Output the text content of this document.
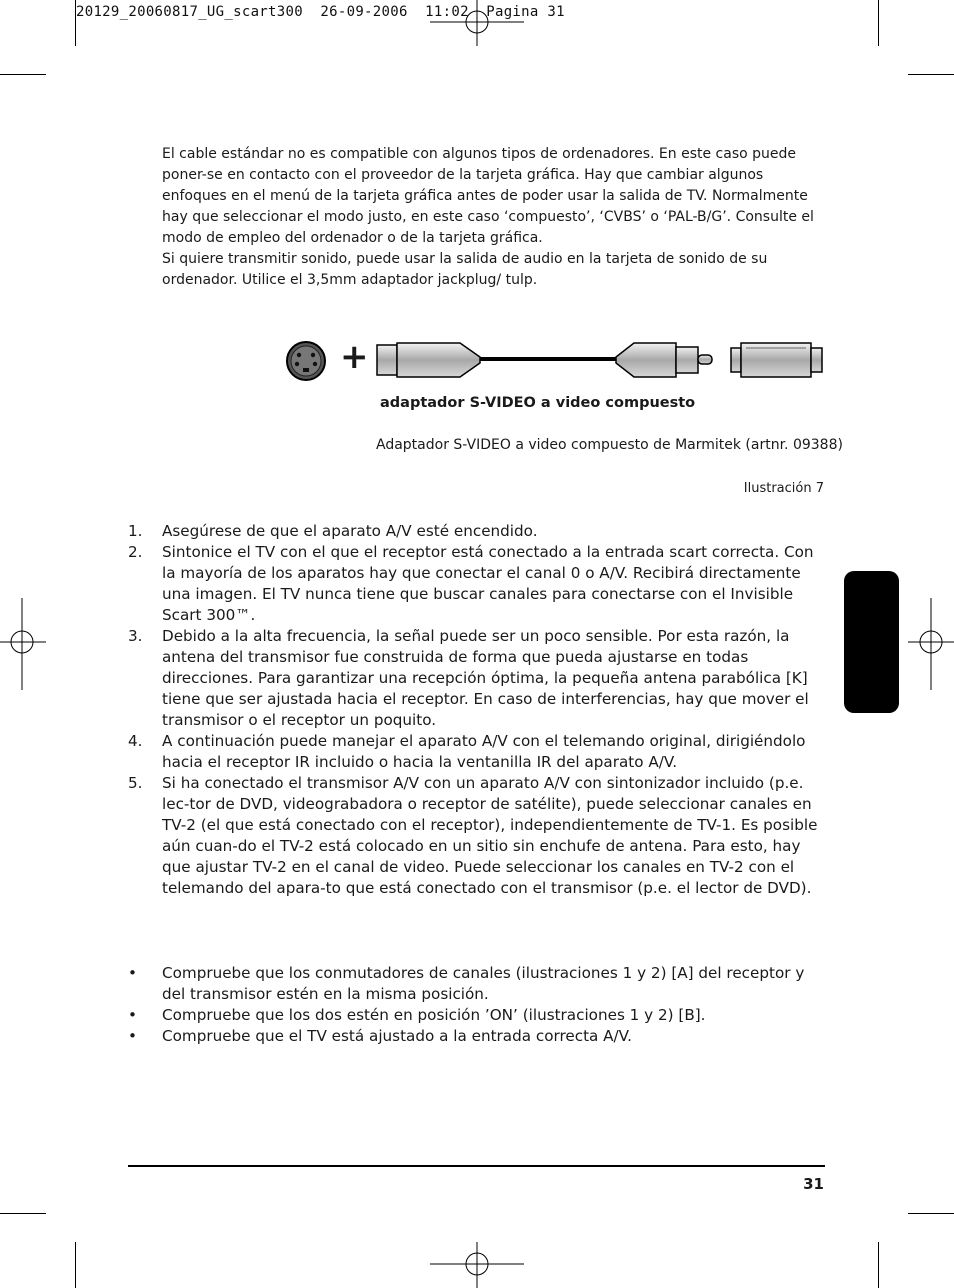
20129_20060817_UG_scart300  26-09-2006  11:02  Pagina 31

El cable estándar no es compatible con algunos tipos de ordenadores. En este caso puede poner-se en contacto con el proveedor de la tarjeta gráfica. Hay que cambiar algunos enfoques en el menú de la tarjeta gráfica antes de poder usar la salida de TV. Normalmente hay que seleccionar el modo justo, en este caso ‘compuesto’, ‘CVBS’ o ‘PAL-B/G’. Consulte el modo de empleo del ordenador o de la tarjeta gráfica.

Si quiere transmitir sonido, puede usar la salida de audio en la tarjeta de sonido de su ordenador. Utilice el 3,5mm adaptador jackplug/ tulp.

+
adaptador S-VIDEO a video compuesto
Adaptador S-VIDEO a video compuesto de Marmitek (artnr. 09388)
Ilustración 7
1. Asegúrese de que el aparato A/V esté encendido.
2. Sintonice el TV con el que el receptor está conectado a la entrada scart correcta. Con la mayoría de los aparatos hay que conectar el canal 0 o A/V. Recibirá directamente una imagen. El TV nunca tiene que buscar canales para conectarse con el Invisible Scart 300™.
3. Debido a la alta frecuencia, la señal puede ser un poco sensible. Por esta razón, la antena del transmisor fue construida de forma que pueda ajustarse en todas direcciones. Para garantizar una recepción óptima, la pequeña antena parabólica [K] tiene que ser ajustada hacia el receptor. En caso de interferencias, hay que mover el transmisor o el receptor un poquito.
4. A continuación puede manejar el aparato A/V con el telemando original, dirigiéndolo hacia el receptor IR incluido o hacia la ventanilla IR del aparato A/V.
5. Si ha conectado el transmisor A/V con un aparato A/V con sintonizador incluido (p.e. lec-tor de DVD, videograbadora o receptor de satélite), puede seleccionar canales en TV-2 (el que está conectado con el receptor), independientemente de TV-1. Es posible aún cuan-do el TV-2 está colocado en un sitio sin enchufe de antena. Para esto, hay que ajustar TV-2 en el canal de video. Puede seleccionar los canales en TV-2 con el telemando del apara-to que está conectado con el transmisor (p.e. el lector de DVD).
• Compruebe que los conmutadores de canales (ilustraciones 1 y 2) [A] del receptor y del transmisor estén en la misma posición.
• Compruebe que los dos estén en posición ’ON’ (ilustraciones 1 y 2) [B].
• Compruebe que el TV está ajustado a la entrada correcta A/V.
31
